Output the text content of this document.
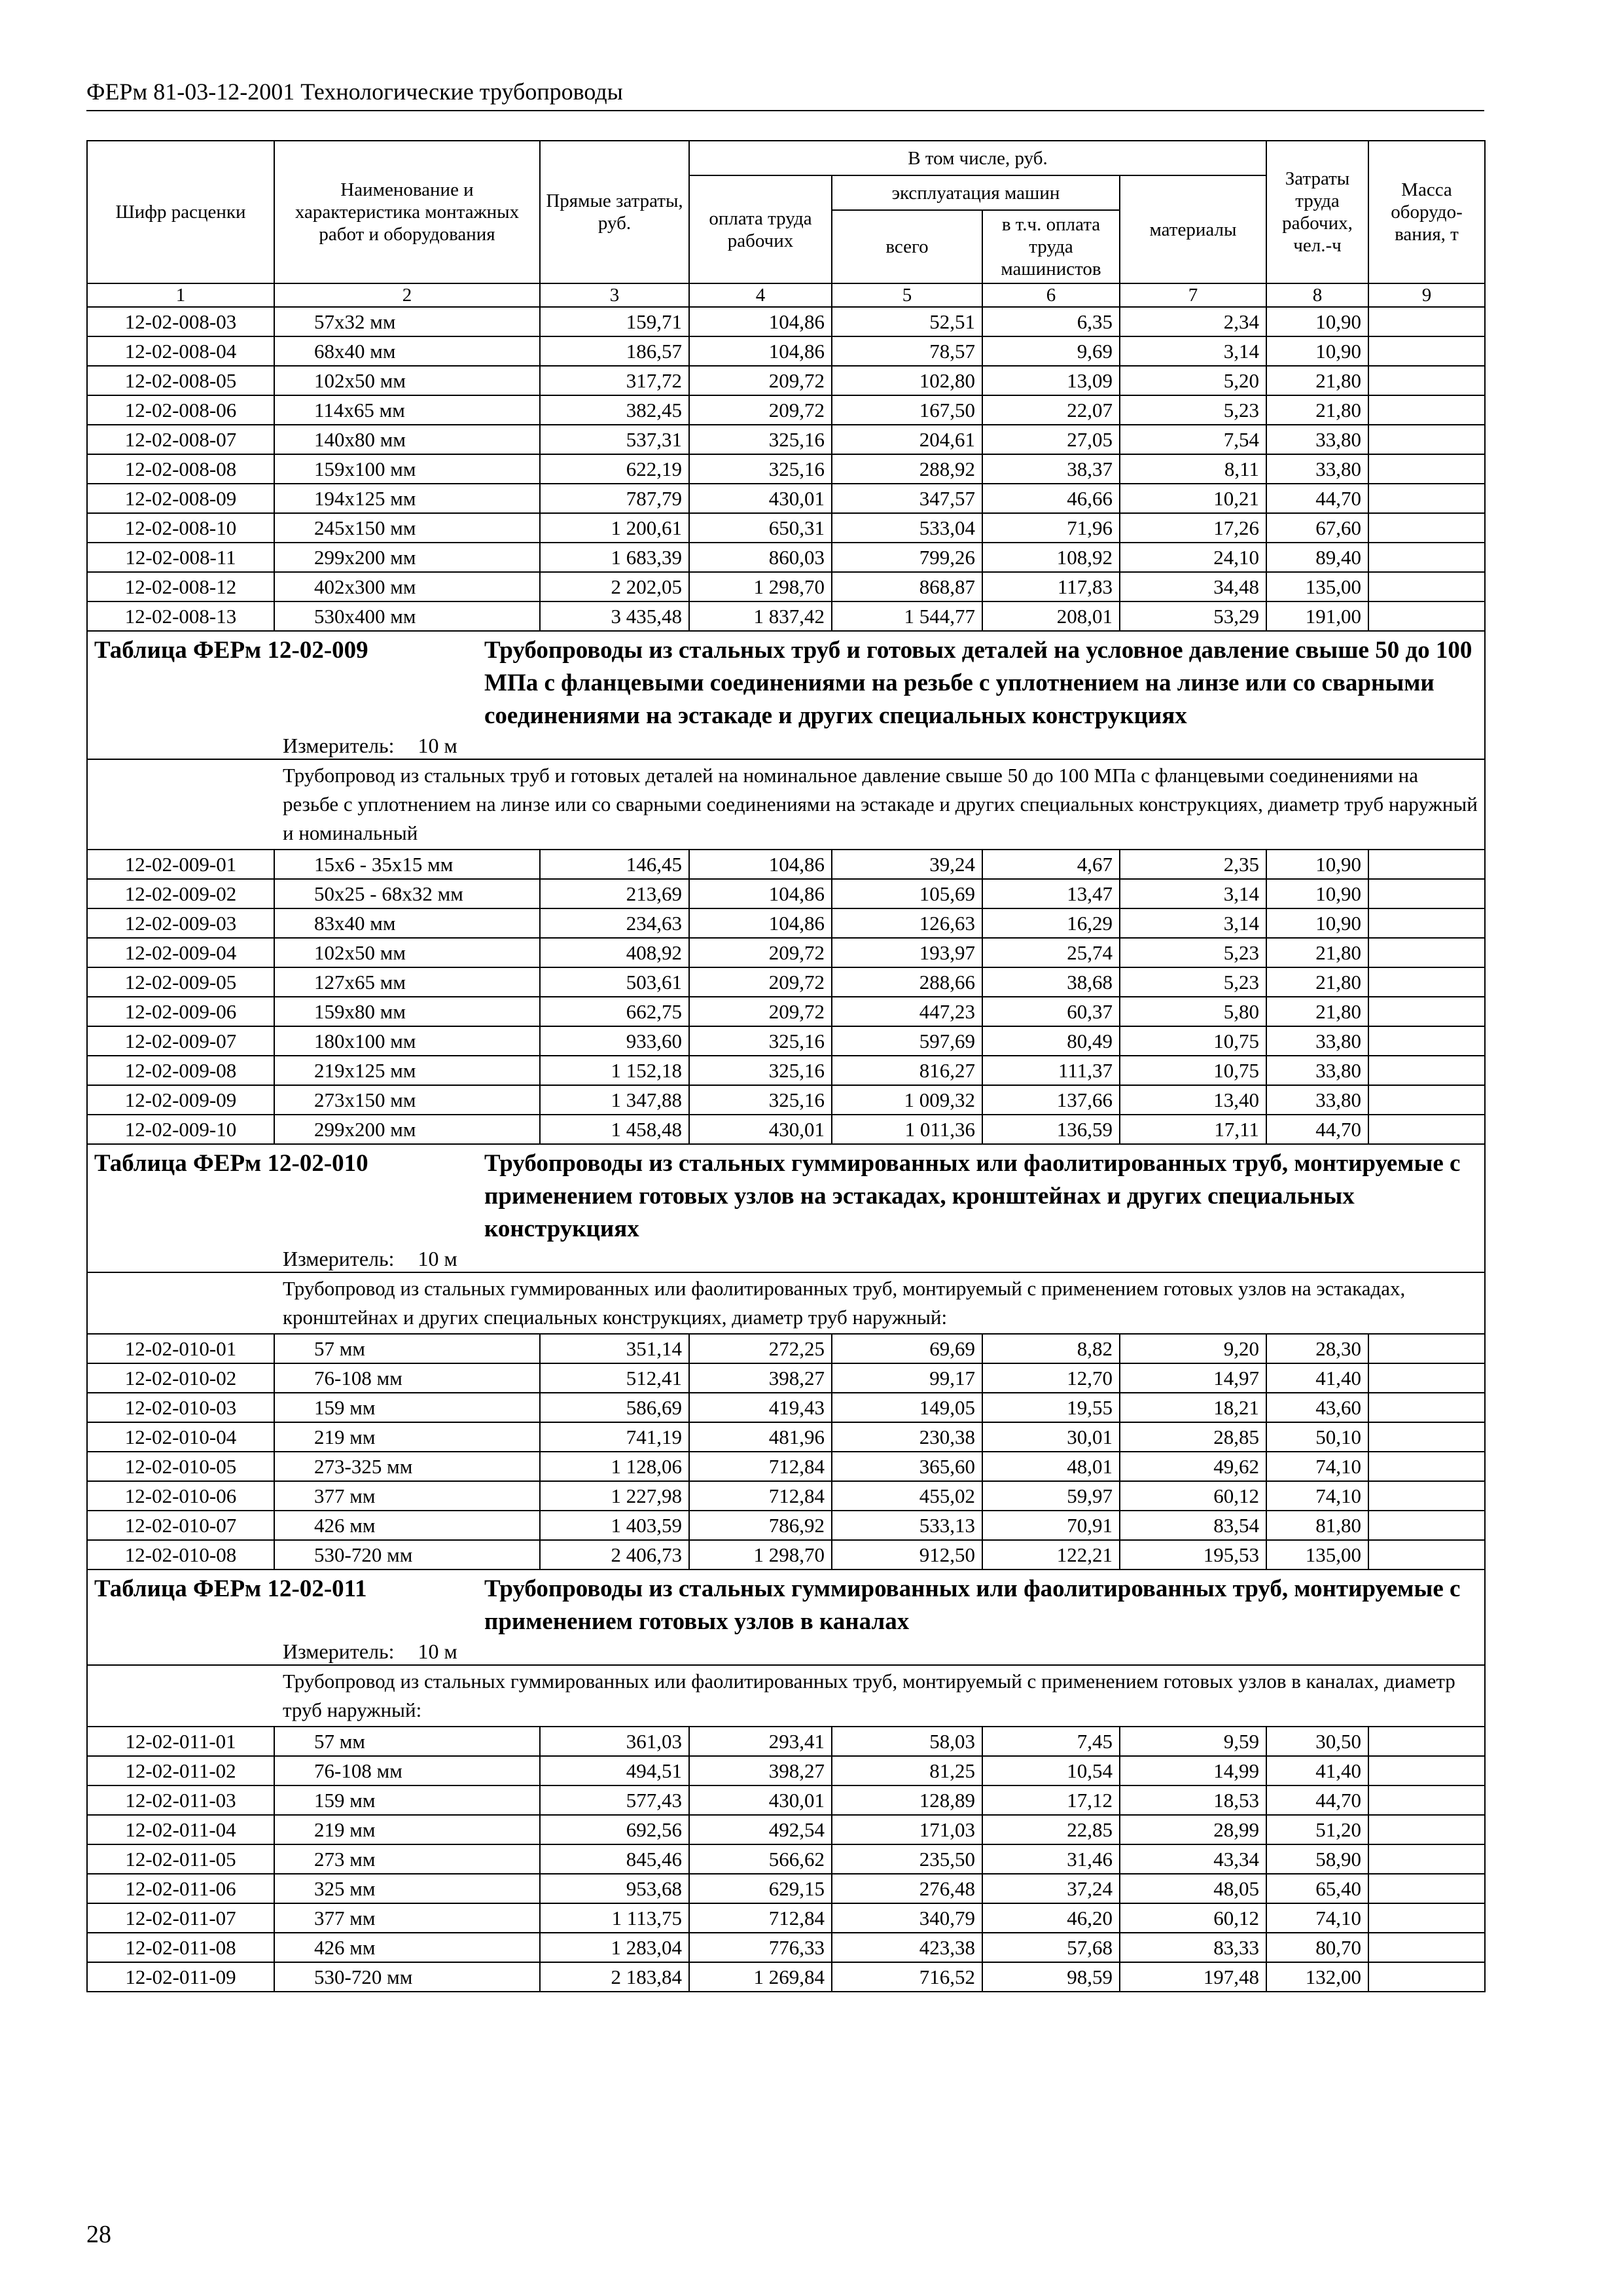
ФЕРм 81-03-12-2001 Технологические трубопроводы
Шифр расценки	Наименование и характеристика монтажных работ и оборудования	Прямые затраты, руб.	В том числе, руб.				Затраты труда рабочих, чел.-ч	Масса оборудо-вания, т
			оплата труда рабочих	эксплуатация машин		материалы		
				всего	в т.ч. оплата труда машинистов			
1	2	3	4	5	6	7	8	9
12-02-008-03	57x32 мм	159,71	104,86	52,51	6,35	2,34	10,90	
12-02-008-04	68x40 мм	186,57	104,86	78,57	9,69	3,14	10,90	
12-02-008-05	102x50 мм	317,72	209,72	102,80	13,09	5,20	21,80	
12-02-008-06	114x65 мм	382,45	209,72	167,50	22,07	5,23	21,80	
12-02-008-07	140x80 мм	537,31	325,16	204,61	27,05	7,54	33,80	
12-02-008-08	159x100 мм	622,19	325,16	288,92	38,37	8,11	33,80	
12-02-008-09	194x125 мм	787,79	430,01	347,57	46,66	10,21	44,70	
12-02-008-10	245x150 мм	1 200,61	650,31	533,04	71,96	17,26	67,60	
12-02-008-11	299x200 мм	1 683,39	860,03	799,26	108,92	24,10	89,40	
12-02-008-12	402x300 мм	2 202,05	1 298,70	868,87	117,83	34,48	135,00	
12-02-008-13	530x400 мм	3 435,48	1 837,42	1 544,77	208,01	53,29	191,00	

Таблица ФЕРм 12-02-009 Трубопроводы из стальных труб и готовых деталей на условное давление свыше 50 до 100 МПа с фланцевыми соединениями на резьбе с уплотнением на линзе или со сварными соединениями на эстакаде и других специальных конструкциях
Измеритель: 10 м								

Трубопровод из стальных труб и готовых деталей на номинальное давление свыше 50 до 100 МПа с фланцевыми соединениями на резьбе с уплотнением на линзе или со сварными соединениями на эстакаде и других специальных конструкциях, диаметр труб наружный и номинальный								
12-02-009-01	15x6 - 35x15 мм	146,45	104,86	39,24	4,67	2,35	10,90	
12-02-009-02	50x25 - 68x32 мм	213,69	104,86	105,69	13,47	3,14	10,90	
12-02-009-03	83x40 мм	234,63	104,86	126,63	16,29	3,14	10,90	
12-02-009-04	102x50 мм	408,92	209,72	193,97	25,74	5,23	21,80	
12-02-009-05	127x65 мм	503,61	209,72	288,66	38,68	5,23	21,80	
12-02-009-06	159x80 мм	662,75	209,72	447,23	60,37	5,80	21,80	
12-02-009-07	180x100 мм	933,60	325,16	597,69	80,49	10,75	33,80	
12-02-009-08	219x125 мм	1 152,18	325,16	816,27	111,37	10,75	33,80	
12-02-009-09	273x150 мм	1 347,88	325,16	1 009,32	137,66	13,40	33,80	
12-02-009-10	299x200 мм	1 458,48	430,01	1 011,36	136,59	17,11	44,70	

Таблица ФЕРм 12-02-010 Трубопроводы из стальных гуммированных или фаолитированных труб, монтируемые с применением готовых узлов на эстакадах, кронштейнах и других специальных конструкциях
Измеритель: 10 м								

Трубопровод из стальных гуммированных или фаолитированных труб, монтируемый с применением готовых узлов на эстакадах, кронштейнах и других специальных конструкциях, диаметр труб наружный:								
12-02-010-01	57 мм	351,14	272,25	69,69	8,82	9,20	28,30	
12-02-010-02	76-108 мм	512,41	398,27	99,17	12,70	14,97	41,40	
12-02-010-03	159 мм	586,69	419,43	149,05	19,55	18,21	43,60	
12-02-010-04	219 мм	741,19	481,96	230,38	30,01	28,85	50,10	
12-02-010-05	273-325 мм	1 128,06	712,84	365,60	48,01	49,62	74,10	
12-02-010-06	377 мм	1 227,98	712,84	455,02	59,97	60,12	74,10	
12-02-010-07	426 мм	1 403,59	786,92	533,13	70,91	83,54	81,80	
12-02-010-08	530-720 мм	2 406,73	1 298,70	912,50	122,21	195,53	135,00	

Таблица ФЕРм 12-02-011 Трубопроводы из стальных гуммированных или фаолитированных труб, монтируемые с применением готовых узлов в каналах
Измеритель: 10 м								

Трубопровод из стальных гуммированных или фаолитированных труб, монтируемый с применением готовых узлов в каналах, диаметр труб наружный:								
12-02-011-01	57 мм	361,03	293,41	58,03	7,45	9,59	30,50	
12-02-011-02	76-108 мм	494,51	398,27	81,25	10,54	14,99	41,40	
12-02-011-03	159 мм	577,43	430,01	128,89	17,12	18,53	44,70	
12-02-011-04	219 мм	692,56	492,54	171,03	22,85	28,99	51,20	
12-02-011-05	273 мм	845,46	566,62	235,50	31,46	43,34	58,90	
12-02-011-06	325 мм	953,68	629,15	276,48	37,24	48,05	65,40	
12-02-011-07	377 мм	1 113,75	712,84	340,79	46,20	60,12	74,10	
12-02-011-08	426 мм	1 283,04	776,33	423,38	57,68	83,33	80,70	
12-02-011-09	530-720 мм	2 183,84	1 269,84	716,52	98,59	197,48	132,00	
28
